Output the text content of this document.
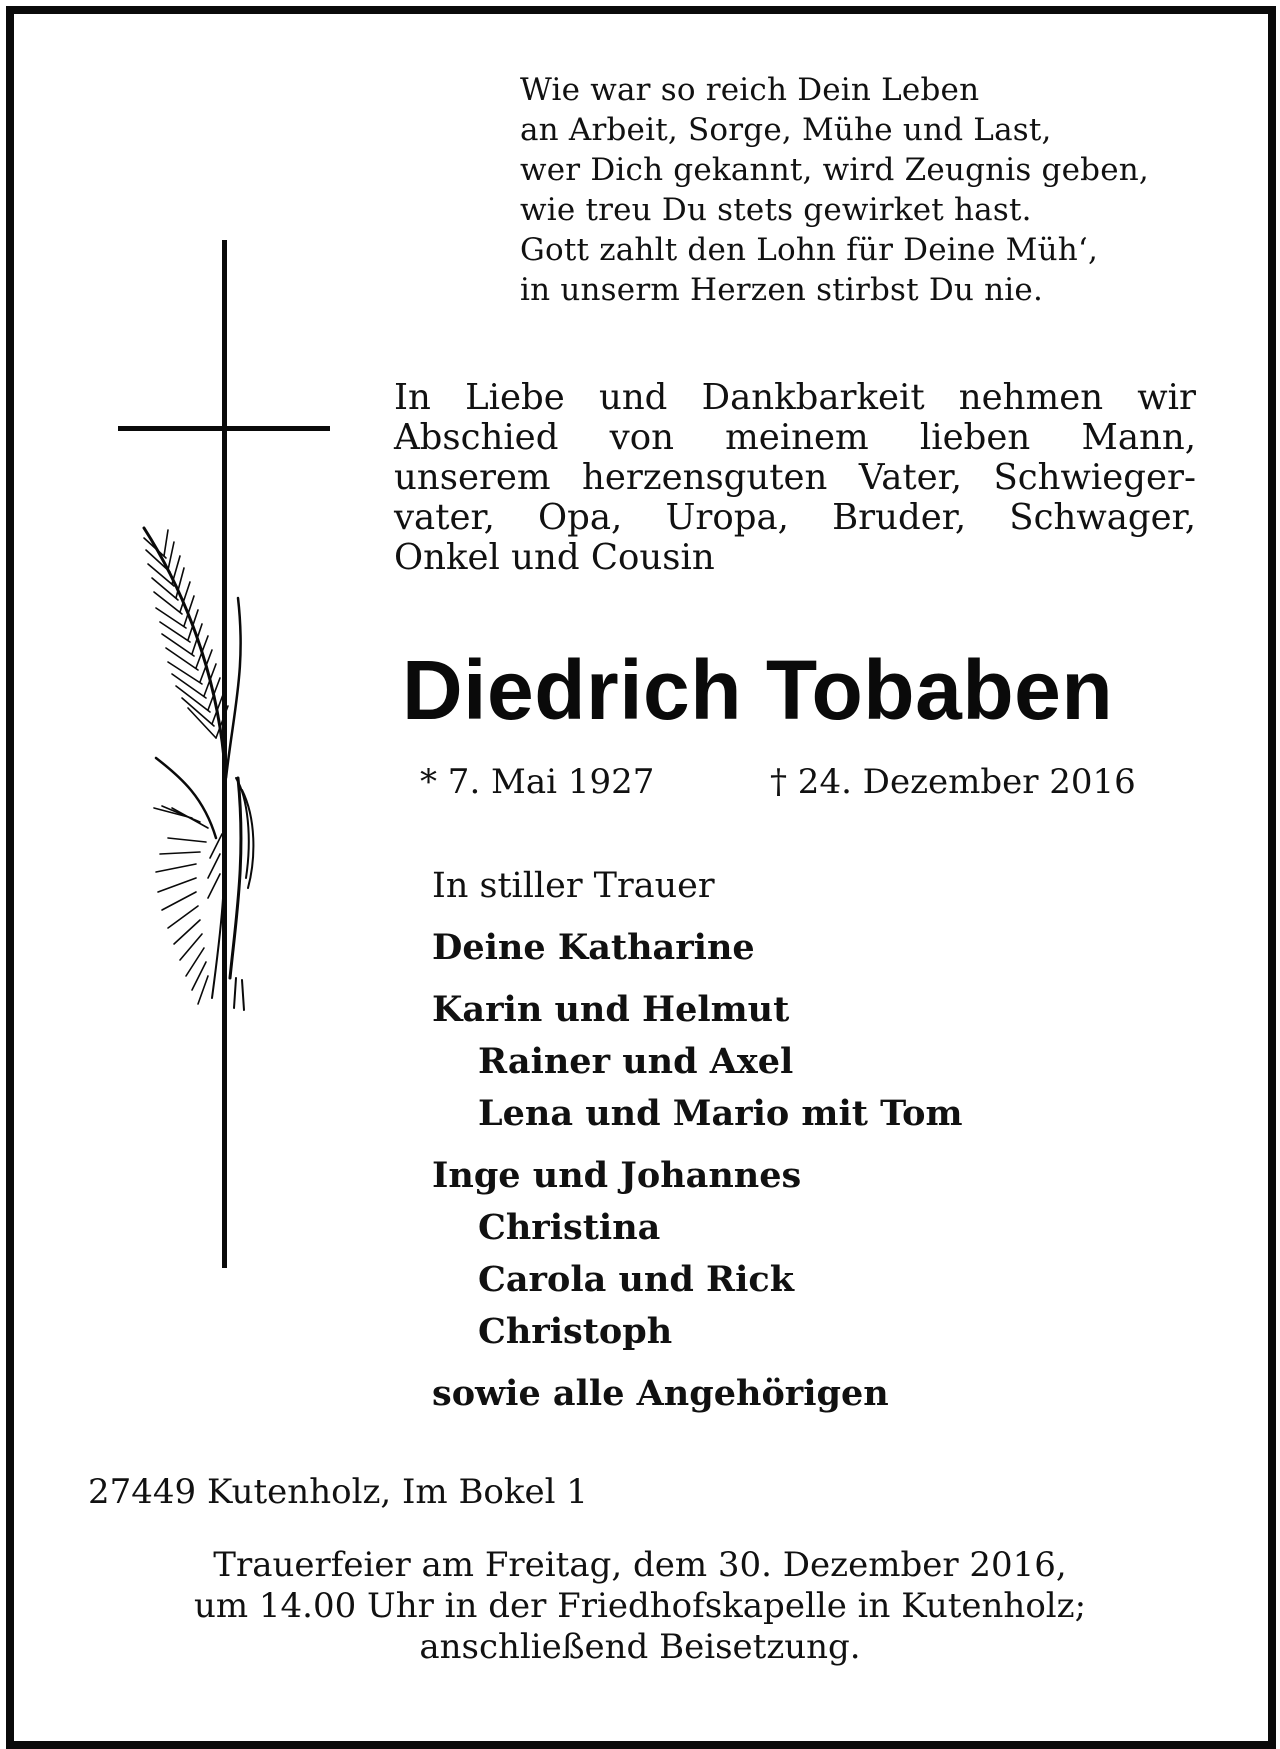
Wie war so reich Dein Leben
an Arbeit, Sorge, Mühe und Last,
wer Dich gekannt, wird Zeugnis geben,
wie treu Du stets gewirket hast.
Gott zahlt den Lohn für Deine Müh‘,
in unserm Herzen stirbst Du nie.
In Liebe und Dankbarkeit nehmen wir
Abschied von meinem lieben Mann,
unserem herzensguten Vater, Schwieger-
vater, Opa, Uropa, Bruder, Schwager,
Onkel und Cousin
Diedrich Tobaben
* 7. Mai 1927	† 24. Dezember 2016
In stiller Trauer
Deine Katharine
Karin und Helmut
Rainer und Axel
Lena und Mario mit Tom
Inge und Johannes
Christina
Carola und Rick
Christoph
sowie alle Angehörigen
27449 Kutenholz, Im Bokel 1
Trauerfeier am Freitag, dem 30. Dezember 2016,
um 14.00 Uhr in der Friedhofskapelle in Kutenholz;
anschließend Beisetzung.
